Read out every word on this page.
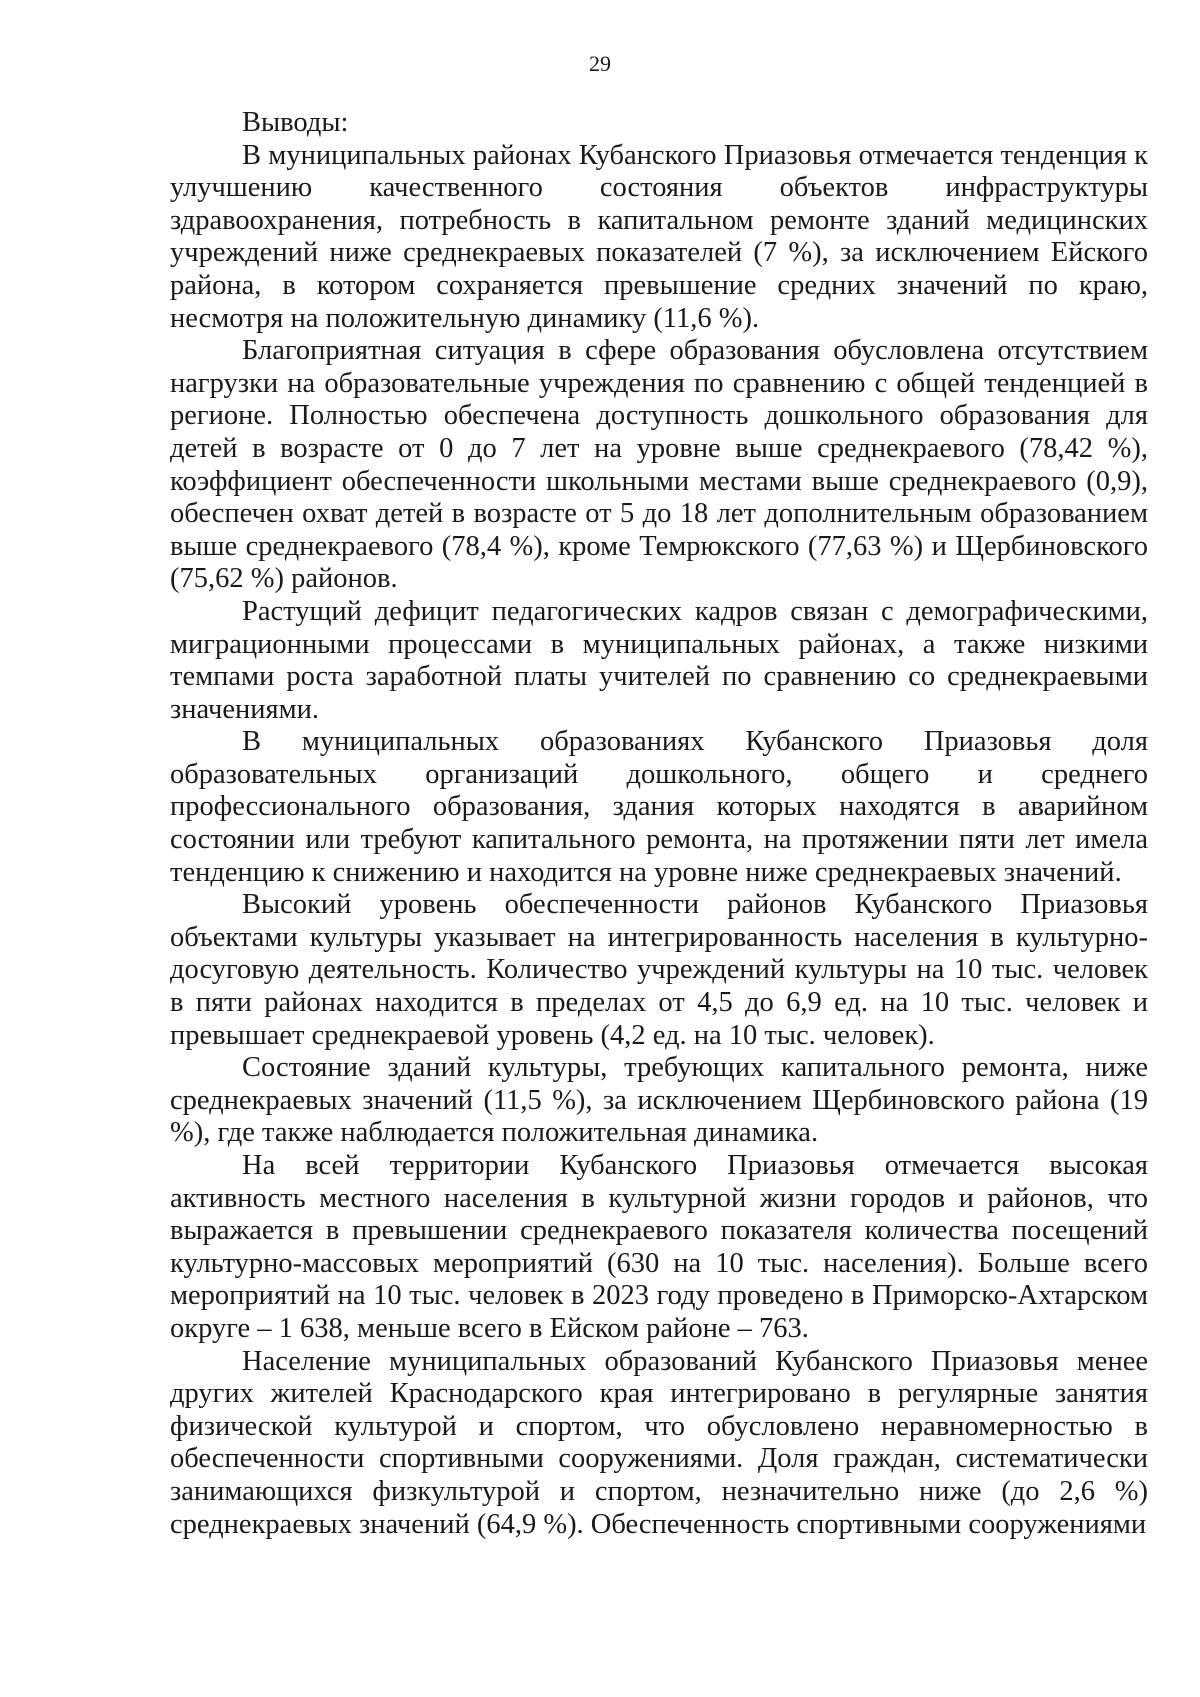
29

Выводы:

В муниципальных районах Кубанского Приазовья отмечается тенденция к улучшению качественного состояния объектов инфраструктуры здравоохранения, потребность в капитальном ремонте зданий медицинских учреждений ниже среднекраевых показателей (7 %), за исключением Ейского района, в котором сохраняется превышение средних значений по краю, несмотря на положительную динамику (11,6 %).

Благоприятная ситуация в сфере образования обусловлена отсутствием нагрузки на образовательные учреждения по сравнению с общей тенденцией в регионе. Полностью обеспечена доступность дошкольного образования для детей в возрасте от 0 до 7 лет на уровне выше среднекраевого (78,42 %), коэффициент обеспеченности школьными местами выше среднекраевого (0,9), обеспечен охват детей в возрасте от 5 до 18 лет дополнительным образованием выше среднекраевого (78,4 %), кроме Темрюкского (77,63 %) и Щербиновского (75,62 %) районов.

Растущий дефицит педагогических кадров связан с демографическими, миграционными процессами в муниципальных районах, а также низкими темпами роста заработной платы учителей по сравнению со среднекраевыми значениями.

В муниципальных образованиях Кубанского Приазовья доля образовательных организаций дошкольного, общего и среднего профессионального образования, здания которых находятся в аварийном состоянии или требуют капитального ремонта, на протяжении пяти лет имела тенденцию к снижению и находится на уровне ниже среднекраевых значений.

Высокий уровень обеспеченности районов Кубанского Приазовья объектами культуры указывает на интегрированность населения в культурно-досуговую деятельность. Количество учреждений культуры на 10 тыс. человек в пяти районах находится в пределах от 4,5 до 6,9 ед. на 10 тыс. человек и превышает среднекраевой уровень (4,2 ед. на 10 тыс. человек).

Состояние зданий культуры, требующих капитального ремонта, ниже среднекраевых значений (11,5 %), за исключением Щербиновского района (19 %), где также наблюдается положительная динамика.

На всей территории Кубанского Приазовья отмечается высокая активность местного населения в культурной жизни городов и районов, что выражается в превышении среднекраевого показателя количества посещений культурно-массовых мероприятий (630 на 10 тыс. населения). Больше всего мероприятий на 10 тыс. человек в 2023 году проведено в Приморско-Ахтарском округе – 1 638, меньше всего в Ейском районе – 763.

Население муниципальных образований Кубанского Приазовья менее других жителей Краснодарского края интегрировано в регулярные занятия физической культурой и спортом, что обусловлено неравномерностью в обеспеченности спортивными сооружениями. Доля граждан, систематически занимающихся физкультурой и спортом, незначительно ниже (до 2,6 %) среднекраевых значений (64,9 %). Обеспеченность спортивными сооружениями
